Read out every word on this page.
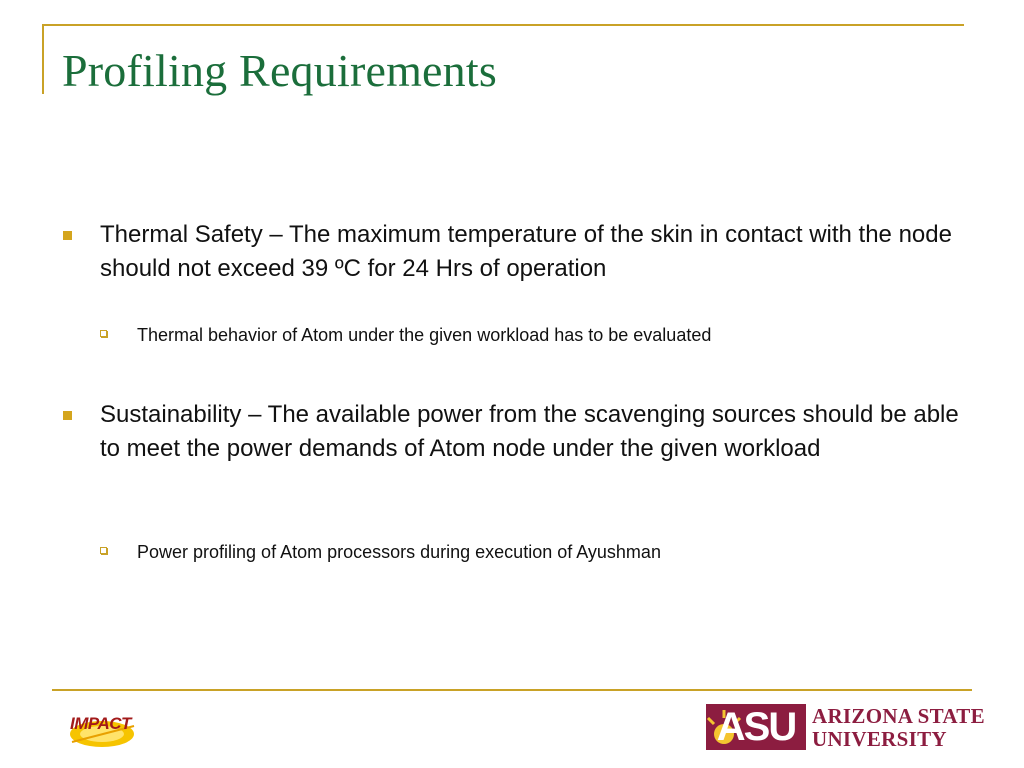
Profiling Requirements
Thermal Safety – The maximum temperature of the skin in contact with the node should not exceed 39 ºC for 24 Hrs of operation
Thermal behavior of Atom under the given workload has to be evaluated
Sustainability – The available power from the scavenging sources should be able to meet the power demands of Atom node under the given workload
Power profiling of Atom processors during execution of Ayushman
IMPACT	ASU ARIZONA STATE
UNIVERSITY
